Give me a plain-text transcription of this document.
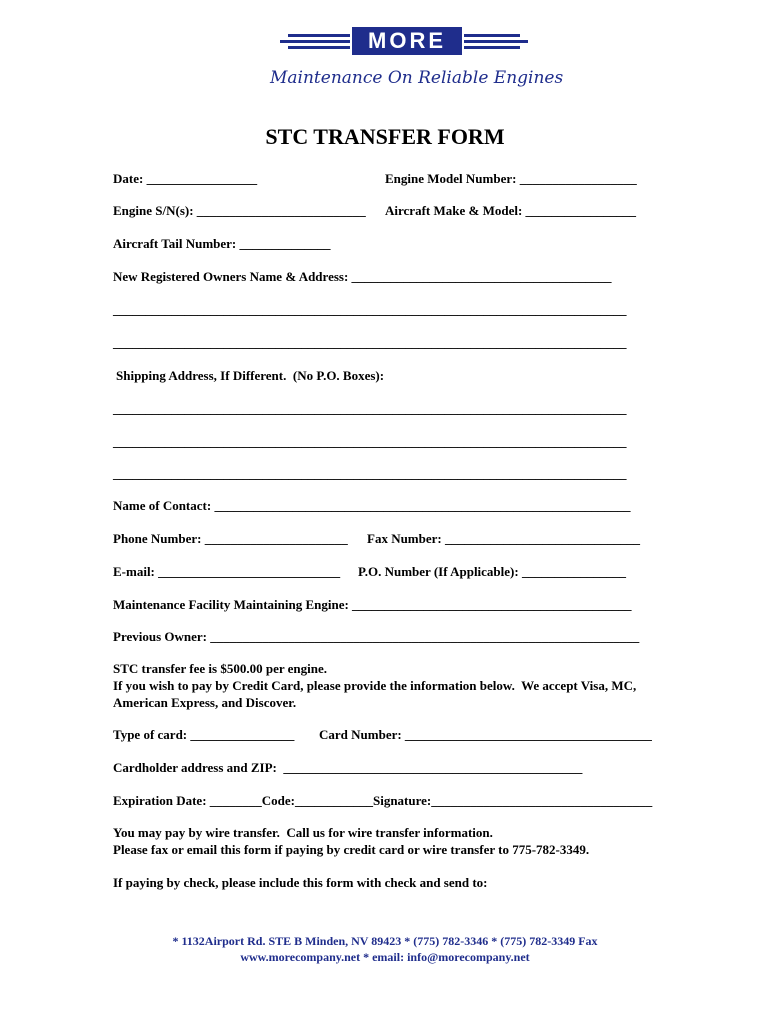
MORE
Maintenance On Reliable Engines
STC TRANSFER FORM
Date: _________________	Engine Model Number: __________________
Engine S/N(s): __________________________ Aircraft Make & Model: _________________
Aircraft Tail Number: ______________
New Registered Owners Name & Address: ________________________________________
_______________________________________________________________________________
_______________________________________________________________________________
Shipping Address, If Different.  (No P.O. Boxes):
_______________________________________________________________________________
_______________________________________________________________________________
_______________________________________________________________________________
Name of Contact: ________________________________________________________________
Phone Number: ______________________ Fax Number: ______________________________
E-mail: ____________________________ P.O. Number (If Applicable): ________________
Maintenance Facility Maintaining Engine: ___________________________________________
Previous Owner: __________________________________________________________________
STC transfer fee is $500.00 per engine.
If you wish to pay by Credit Card, please provide the information below.  We accept Visa, MC,
American Express, and Discover.
Type of card: ________________ Card Number: ______________________________________
Cardholder address and ZIP:  ______________________________________________
Expiration Date: ________Code:____________Signature:__________________________________
You may pay by wire transfer.  Call us for wire transfer information.
Please fax or email this form if paying by credit card or wire transfer to 775-782-3349.
If paying by check, please include this form with check and send to:
* 1132Airport Rd. STE B Minden, NV 89423 * (775) 782-3346 * (775) 782-3349 Fax
www.morecompany.net * email: info@morecompany.net
